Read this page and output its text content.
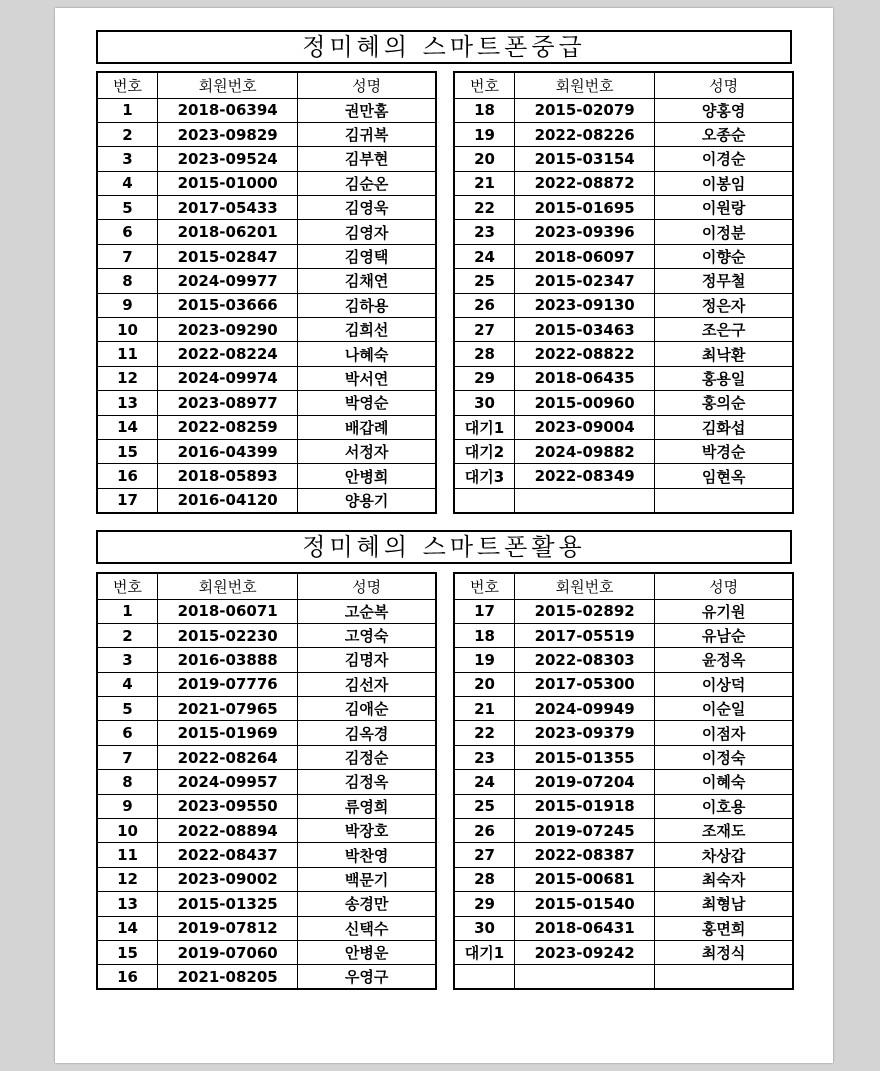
정미혜의 스마트폰중급
번호	회원번호	성명
1	2018-06394	권만홈
2	2023-09829	김귀복
3	2023-09524	김부현
4	2015-01000	김순온
5	2017-05433	김영욱
6	2018-06201	김영자
7	2015-02847	김영택
8	2024-09977	김채연
9	2015-03666	김하용
10	2023-09290	김희선
11	2022-08224	나혜숙
12	2024-09974	박서연
13	2023-08977	박영순
14	2022-08259	배갑례
15	2016-04399	서정자
16	2018-05893	안병희
17	2016-04120	양용기
번호	회원번호	성명
18	2015-02079	양홍영
19	2022-08226	오종순
20	2015-03154	이경순
21	2022-08872	이봉임
22	2015-01695	이원랑
23	2023-09396	이정분
24	2018-06097	이향순
25	2015-02347	정무철
26	2023-09130	정은자
27	2015-03463	조은구
28	2022-08822	최낙환
29	2018-06435	홍용일
30	2015-00960	홍의순
대기1	2023-09004	김화섭
대기2	2024-09882	박경순
대기3	2022-08349	임현옥

정미혜의 스마트폰활용
번호	회원번호	성명
1	2018-06071	고순복
2	2015-02230	고영숙
3	2016-03888	김명자
4	2019-07776	김선자
5	2021-07965	김애순
6	2015-01969	김옥경
7	2022-08264	김정순
8	2024-09957	김정옥
9	2023-09550	류영희
10	2022-08894	박장호
11	2022-08437	박찬영
12	2023-09002	백문기
13	2015-01325	송경만
14	2019-07812	신택수
15	2019-07060	안병운
16	2021-08205	우영구
번호	회원번호	성명
17	2015-02892	유기원
18	2017-05519	유남순
19	2022-08303	윤정옥
20	2017-05300	이상덕
21	2024-09949	이순일
22	2023-09379	이점자
23	2015-01355	이정숙
24	2019-07204	이혜숙
25	2015-01918	이호용
26	2019-07245	조재도
27	2022-08387	차상갑
28	2015-00681	최숙자
29	2015-01540	최형남
30	2018-06431	홍면희
대기1	2023-09242	최정식
